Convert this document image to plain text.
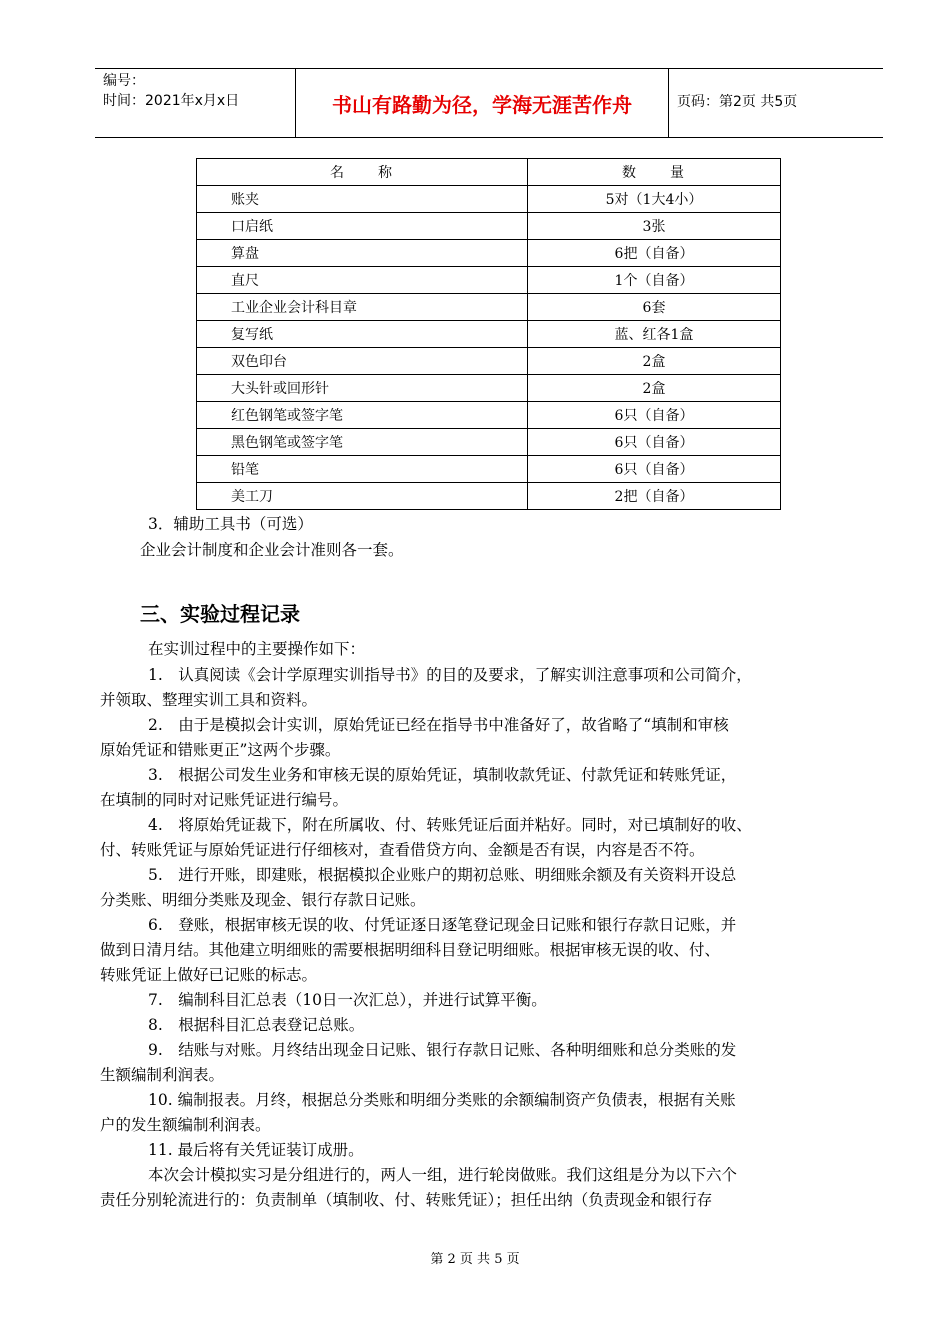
编号：
时间：2021年x月x日	书山有路勤为径，学海无涯苦作舟	页码：第2页 共5页
名　　称	数　　量
账夹	5对（1大4小）
口启纸	3张
算盘	6把（自备）
直尺	1个（自备）
工业企业会计科目章	6套
复写纸	蓝、红各1盒
双色印台	2盒
大头针或回形针	2盒
红色钢笔或签字笔	6只（自备）
黑色钢笔或签字笔	6只（自备）
铅笔	6只（自备）
美工刀	2把（自备）
3．辅助工具书（可选）
企业会计制度和企业会计准则各一套。
三、实验过程记录
在实训过程中的主要操作如下：
1.　认真阅读《会计学原理实训指导书》的目的及要求，了解实训注意事项和公司简介，
并领取、整理实训工具和资料。
2.　由于是模拟会计实训，原始凭证已经在指导书中准备好了，故省略了“填制和审核
原始凭证和错账更正”这两个步骤。
3.　根据公司发生业务和审核无误的原始凭证，填制收款凭证、付款凭证和转账凭证，
在填制的同时对记账凭证进行编号。
4.　将原始凭证裁下，附在所属收、付、转账凭证后面并粘好。同时，对已填制好的收、
付、转账凭证与原始凭证进行仔细核对，查看借贷方向、金额是否有误，内容是否不符。
5.　进行开账，即建账，根据模拟企业账户的期初总账、明细账余额及有关资料开设总
分类账、明细分类账及现金、银行存款日记账。
6.　登账，根据审核无误的收、付凭证逐日逐笔登记现金日记账和银行存款日记账，并
做到日清月结。其他建立明细账的需要根据明细科目登记明细账。根据审核无误的收、付、
转账凭证上做好已记账的标志。
7.　编制科目汇总表（10日一次汇总），并进行试算平衡。
8.　根据科目汇总表登记总账。
9.　结账与对账。月终结出现金日记账、银行存款日记账、各种明细账和总分类账的发
生额编制利润表。
10. 编制报表。月终，根据总分类账和明细分类账的余额编制资产负债表，根据有关账
户的发生额编制利润表。
11. 最后将有关凭证装订成册。
本次会计模拟实习是分组进行的，两人一组，进行轮岗做账。我们这组是分为以下六个
责任分别轮流进行的：负责制单（填制收、付、转账凭证）；担任出纳（负责现金和银行存
第 2 页 共 5 页
